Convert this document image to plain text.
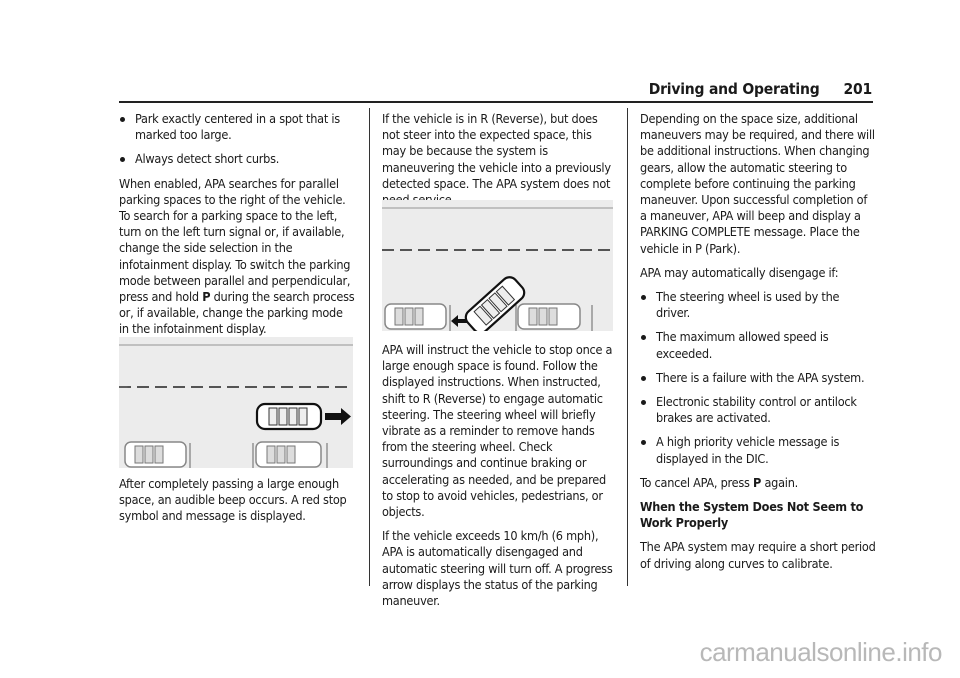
Driving and Operating 201
Park exactly centered in a spot that is marked too large.
Always detect short curbs.

When enabled, APA searches for parallel parking spaces to the right of the vehicle. To search for a parking space to the left, turn on the left turn signal or, if available, change the side selection in the infotainment display. To switch the parking mode between parallel and perpendicular, press and hold P during the search process or, if available, change the parking mode in the infotainment display.

After completely passing a large enough space, an audible beep occurs. A red stop symbol and message is displayed.

If the vehicle is in R (Reverse), but does not steer into the expected space, this may be because the system is maneuvering the vehicle into a previously detected space. The APA system does not

APA will instruct the vehicle to stop once a large enough space is found. Follow the displayed instructions. When instructed, shift to R (Reverse) to engage automatic steering. The steering wheel will briefly vibrate as a reminder to remove hands from the steering wheel. Check surroundings and continue braking or accelerating as needed, and be prepared to stop to avoid vehicles, pedestrians, or objects.

If the vehicle exceeds 10 km/h (6 mph), APA is automatically disengaged and automatic steering will turn off. A progress arrow displays the status of the parking maneuver.

Depending on the space size, additional maneuvers may be required, and there will be additional instructions. When changing gears, allow the automatic steering to complete before continuing the parking maneuver. Upon successful completion of a maneuver, APA will beep and display a PARKING COMPLETE message. Place the vehicle in P (Park).

APA may automatically disengage if:

The steering wheel is used by the driver.
The maximum allowed speed is exceeded.
There is a failure with the APA system.
Electronic stability control or antilock brakes are activated.
A high priority vehicle message is displayed in the DIC.

To cancel APA, press P again.

When the System Does Not Seem to Work Properly

The APA system may require a short period of driving along curves to calibrate.

carmanualsonline.info
